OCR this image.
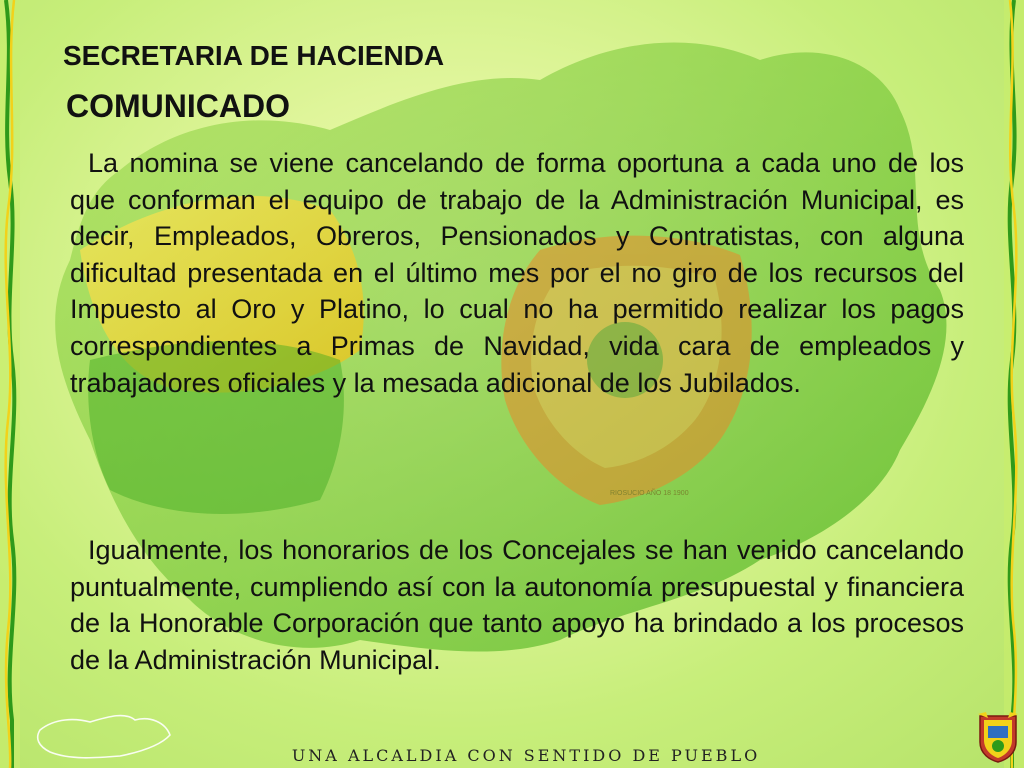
RIOSUCIO AÑO 18 1900
SECRETARIA DE HACIENDA
COMUNICADO

La nomina se viene cancelando de forma oportuna a cada uno de los que conforman el equipo de trabajo de la Administración Municipal, es decir, Empleados, Obreros, Pensionados y Contratistas, con alguna dificultad presentada en el último mes por el no giro de los recursos del Impuesto al Oro y Platino, lo cual no ha permitido realizar los pagos correspondientes a Primas de Navidad, vida cara de empleados y trabajadores oficiales y la mesada adicional de los Jubilados.

Igualmente, los honorarios de los Concejales se han venido cancelando puntualmente, cumpliendo así con la autonomía presupuestal y financiera de la Honorable Corporación que tanto apoyo ha brindado a los procesos de la Administración Municipal.

UNA ALCALDIA CON SENTIDO DE PUEBLO
